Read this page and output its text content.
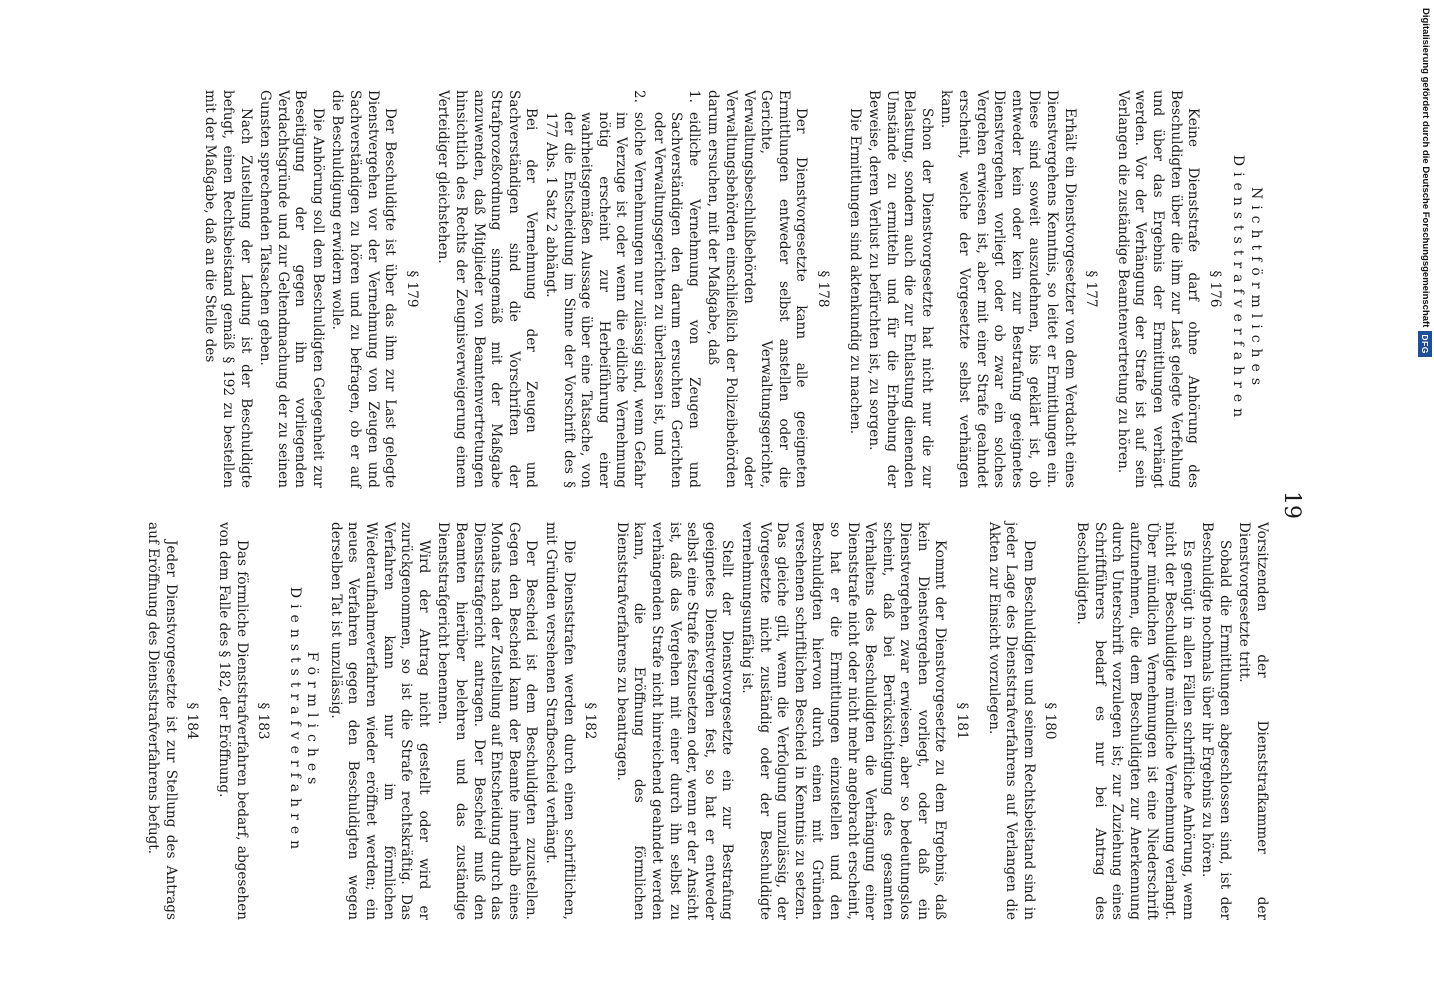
19
Nichtförmliches Dienststrafverfahren
§ 176

Keine Dienststrafe darf ohne Anhörung des Beschuldigten über die ihm zur Last gelegte Verfehlung und über das Ergebnis der Ermittlungen verhängt werden. Vor der Verhängung der Strafe ist auf sein Verlangen die zuständige Beamtenvertretung zu hören.

§ 177

Erhält ein Dienstvorgesetzter von dem Verdacht eines Dienstvergehens Kenntnis, so leitet er Ermittlungen ein. Diese sind soweit auszudehnen, bis geklärt ist, ob entweder kein oder kein zur Bestrafung geeignetes Dienstvergehen vorliegt oder ob zwar ein solches Vergehen erwiesen ist, aber mit einer Strafe geahndet erscheint, welche der Vorgesetzte selbst verhängen kann.

Schon der Dienstvorgesetzte hat nicht nur die zur Belastung, sondern auch die zur Entlastung dienenden Umstände zu ermitteln und für die Erhebung der Beweise, deren Verlust zu befürchten ist, zu sorgen.

Die Ermittlungen sind aktenkundig zu machen.

§ 178

Der Dienstvorgesetzte kann alle geeigneten Ermittlungen entweder selbst anstellen oder die Gerichte, Verwaltungsgerichte, Verwaltungsbeschlußbehörden oder Verwaltungsbehörden einschließlich der Polizeibehörden darum ersuchen, mit der Maßgabe, daß

1.
eidliche Vernehmung von Zeugen und Sachverständigen den darum ersuchten Gerichten oder Verwaltungsgerichten zu überlassen ist, und
2.
solche Vernehmungen nur zulässig sind, wenn Gefahr im Verzuge ist oder wenn die eidliche Vernehmung nötig erscheint zur Herbeiführung einer wahrheitsgemäßen Aussage über eine Tatsache, von der die Entscheidung im Sinne der Vorschrift des § 177 Abs. 1 Satz 2 abhängt.

Bei der Vernehmung der Zeugen und Sachverständigen sind die Vorschriften der Strafprozeßordnung sinngemäß mit der Maßgabe anzuwenden, daß Mitglieder von Beamtenvertretungen hinsichtlich des Rechts der Zeugnisverweigerung einem Verteidiger gleichstehen.

§ 179

Der Beschuldigte ist über das ihm zur Last gelegte Dienstvergehen vor der Vernehmung von Zeugen und Sachverständigen zu hören und zu befragen, ob er auf die Beschuldigung erwidern wolle.

Die Anhörung soll dem Beschuldigten Gelegenheit zur Beseitigung der gegen ihn vorliegenden Verdachtsgründe und zur Geltendmachung der zu seinen Gunsten sprechenden Tatsachen geben.

Nach Zustellung der Ladung ist der Beschuldigte befugt, einen Rechtsbeistand gemäß § 192 zu bestellen mit der Maßgabe, daß an die Stelle des

Vorsitzenden der Dienststrafkammer der Dienstvorgesetzte tritt.

Sobald die Ermittlungen abgeschlossen sind, ist der Beschuldigte nochmals über ihr Ergebnis zu hören.

Es genügt in allen Fällen schriftliche Anhörung, wenn nicht der Beschuldigte mündliche Vernehmung verlangt. Über mündlichen Vernehmungen ist eine Niederschrift aufzunehmen, die dem Beschuldigten zur Anerkennung durch Unterschrift vorzulegen ist; zur Zuziehung eines Schriftführers bedarf es nur bei Antrag des Beschuldigten.

§ 180

Dem Beschuldigten und seinem Rechtsbeistand sind in jeder Lage des Dienststrafverfahrens auf Verlangen die Akten zur Einsicht vorzulegen.

§ 181

Kommt der Dienstvorgesetzte zu dem Ergebnis, daß kein Dienstvergehen vorliegt, oder daß ein Dienstvergehen zwar erwiesen, aber so bedeutungslos scheint, daß bei Berücksichtigung des gesamten Verhaltens des Beschuldigten die Verhängung einer Dienststrafe nicht oder nicht mehr angebracht erscheint, so hat er die Ermittlungen einzustellen und den Beschuldigten hiervon durch einen mit Gründen versehenen schriftlichen Bescheid in Kenntnis zu setzen. Das gleiche gilt, wenn die Verfolgung unzulässig, der Vorgesetzte nicht zuständig oder der Beschuldigte vernehmungsunfähig ist.

Stellt der Dienstvorgesetzte ein zur Bestrafung geeignetes Dienstvergehen fest, so hat er entweder selbst eine Strafe festzusetzen oder, wenn er der Ansicht ist, daß das Vergehen mit einer durch ihn selbst zu verhängenden Strafe nicht hinreichend geahndet werden kann, die Eröffnung des förmlichen Dienststrafverfahrens zu beantragen.

§ 182

Die Dienststrafen werden durch einen schriftlichen, mit Gründen versehenen Strafbescheid verhängt.

Der Bescheid ist dem Beschuldigten zuzustellen. Gegen den Bescheid kann der Beamte innerhalb eines Monats nach der Zustellung auf Entscheidung durch das Dienststrafgericht antragen. Der Bescheid muß den Beamten hierüber belehren und das zuständige Dienststrafgericht benennen.

Wird der Antrag nicht gestellt oder wird er zurückgenommen, so ist die Strafe rechtskräftig. Das Verfahren kann nur im förmlichen Wiederaufnahmeverfahren wieder eröffnet werden; ein neues Verfahren gegen den Beschuldigten wegen derselben Tat ist unzulässig.

Förmliches Dienststrafverfahren
§ 183

Das förmliche Dienststrafverfahren bedarf, abgesehen von dem Falle des § 182, der Eröffnung.

§ 184

Jeder Dienstvorgesetzte ist zur Stellung des Antrags auf Eröffnung des Dienststrafverfahrens befugt.

Digitalisierung gefördert durch die Deutsche Forschungsgemeinschaft
DFG
